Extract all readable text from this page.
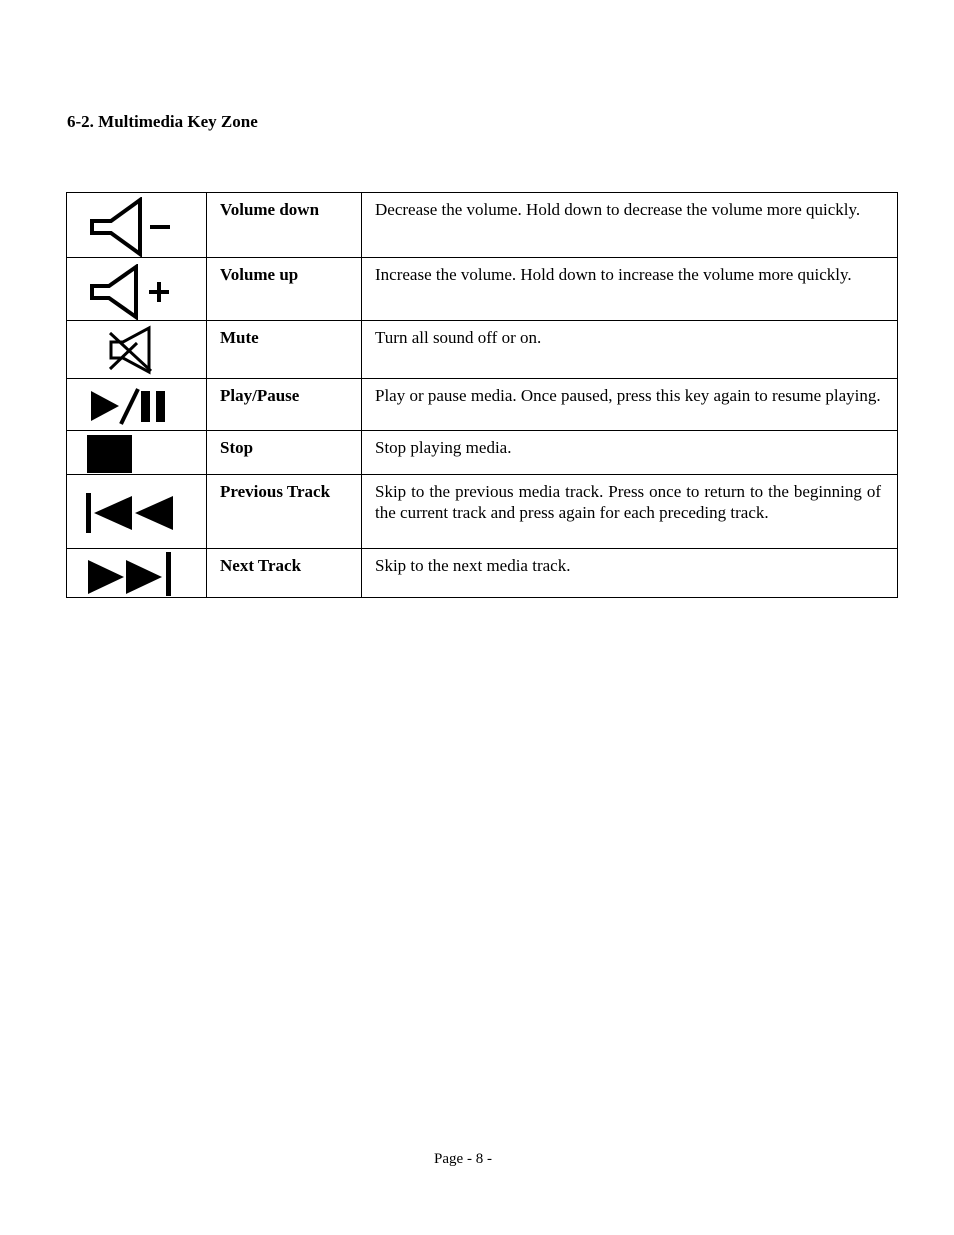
6-2. Multimedia Key Zone
	Volume down	Decrease the volume. Hold down to decrease the volume more quickly.

	Volume up	Increase the volume. Hold down to increase the volume more quickly.

	Mute	Turn all sound off or on.

	Play/Pause	Play or pause media. Once paused, press this key again to resume playing.

	Stop	Stop playing media.

	Previous Track	Skip to the previous media track. Press once to return to the beginning of the current track and press again for each preceding track.

	Next Track	Skip to the next media track.
Page - 8 -
